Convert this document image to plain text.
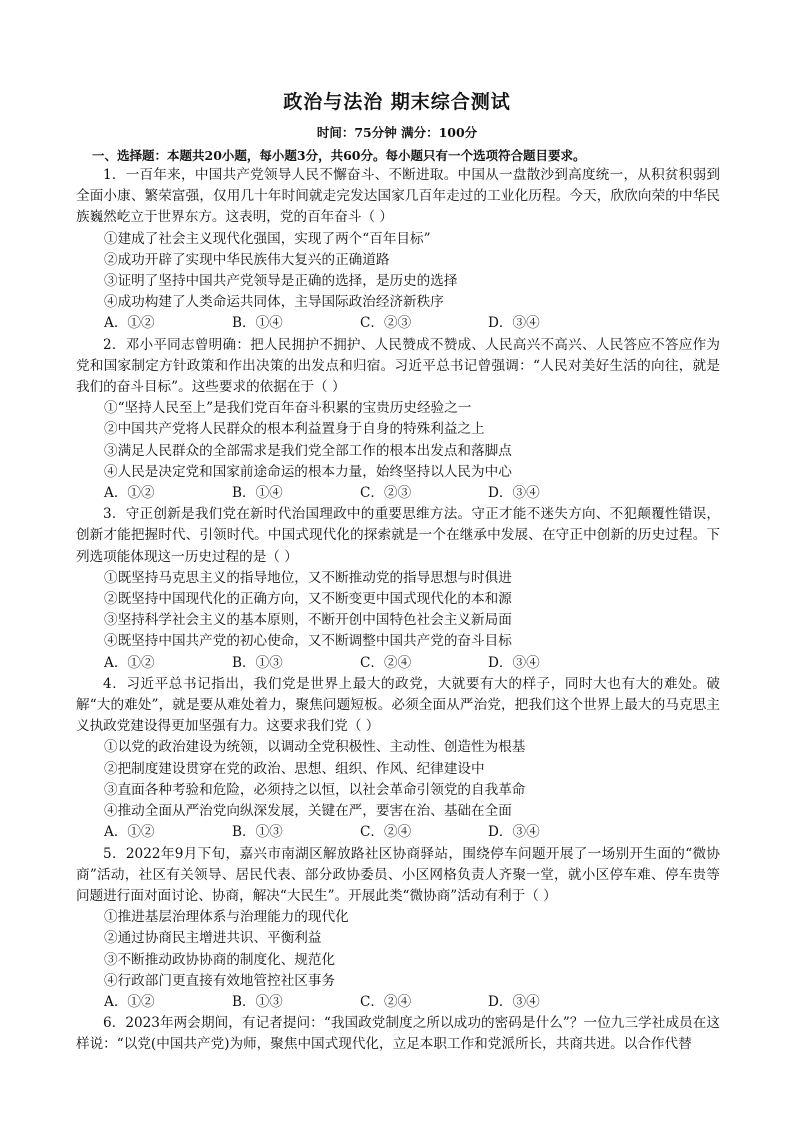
政治与法治 期末综合测试
时间：75分钟 满分：100分
一、选择题：本题共20小题，每小题3分，共60分。每小题只有一个选项符合题目要求。

1．一百年来，中国共产党领导人民不懈奋斗、不断进取。中国从一盘散沙到高度统一，从积贫积弱到全面小康、繁荣富强，仅用几十年时间就走完发达国家几百年走过的工业化历程。今天，欣欣向荣的中华民族巍然屹立于世界东方。这表明，党的百年奋斗（ ）

①建成了社会主义现代化强国，实现了两个“百年目标”

②成功开辟了实现中华民族伟大复兴的正确道路

③证明了坚持中国共产党领导是正确的选择，是历史的选择

④成功构建了人类命运共同体，主导国际政治经济新秩序

A．①②	B．①④	C．②③	D．③④

2．邓小平同志曾明确：把人民拥护不拥护、人民赞成不赞成、人民高兴不高兴、人民答应不答应作为党和国家制定方针政策和作出决策的出发点和归宿。习近平总书记曾强调：“人民对美好生活的向往，就是我们的奋斗目标”。这些要求的依据在于（ ）

①“坚持人民至上”是我们党百年奋斗积累的宝贵历史经验之一

②中国共产党将人民群众的根本利益置身于自身的特殊利益之上

③满足人民群众的全部需求是我们党全部工作的根本出发点和落脚点

④人民是决定党和国家前途命运的根本力量，始终坚持以人民为中心

A．①②	B．①④	C．②③	D．③④

3．守正创新是我们党在新时代治国理政中的重要思维方法。守正才能不迷失方向、不犯颠覆性错误，创新才能把握时代、引领时代。中国式现代化的探索就是一个在继承中发展、在守正中创新的历史过程。下列选项能体现这一历史过程的是（ ）

①既坚持马克思主义的指导地位，又不断推动党的指导思想与时俱进

②既坚持中国现代化的正确方向，又不断变更中国式现代化的本和源

③坚持科学社会主义的基本原则，不断开创中国特色社会主义新局面

④既坚持中国共产党的初心使命，又不断调整中国共产党的奋斗目标

A．①②	B．①③	C．②④	D．③④

4．习近平总书记指出，我们党是世界上最大的政党，大就要有大的样子，同时大也有大的难处。破解“大的难处”，就是要从难处着力，聚焦问题短板。必须全面从严治党，把我们这个世界上最大的马克思主义执政党建设得更加坚强有力。这要求我们党（ ）

①以党的政治建设为统领，以调动全党积极性、主动性、创造性为根基

②把制度建设贯穿在党的政治、思想、组织、作风、纪律建设中

③直面各种考验和危险，必须持之以恒，以社会革命引领党的自我革命

④推动全面从严治党向纵深发展，关键在严，要害在治、基础在全面

A．①②	B．①③	C．②④	D．③④

5．2022年9月下旬，嘉兴市南湖区解放路社区协商驿站，围绕停车问题开展了一场别开生面的“微协商”活动，社区有关领导、居民代表、部分政协委员、小区网格负责人齐聚一堂，就小区停车难、停车贵等问题进行面对面讨论、协商，解决“大民生”。开展此类“微协商”活动有利于（ ）

①推进基层治理体系与治理能力的现代化

②通过协商民主增进共识、平衡利益

③不断推动政协协商的制度化、规范化

④行政部门更直接有效地管控社区事务

A．①②	B．①③	C．②④	D．③④

6．2023年两会期间，有记者提问：“我国政党制度之所以成功的密码是什么”？一位九三学社成员在这样说：“以党(中国共产党)为师，聚焦中国式现代化，立足本职工作和党派所长，共商共进。以合作代替
